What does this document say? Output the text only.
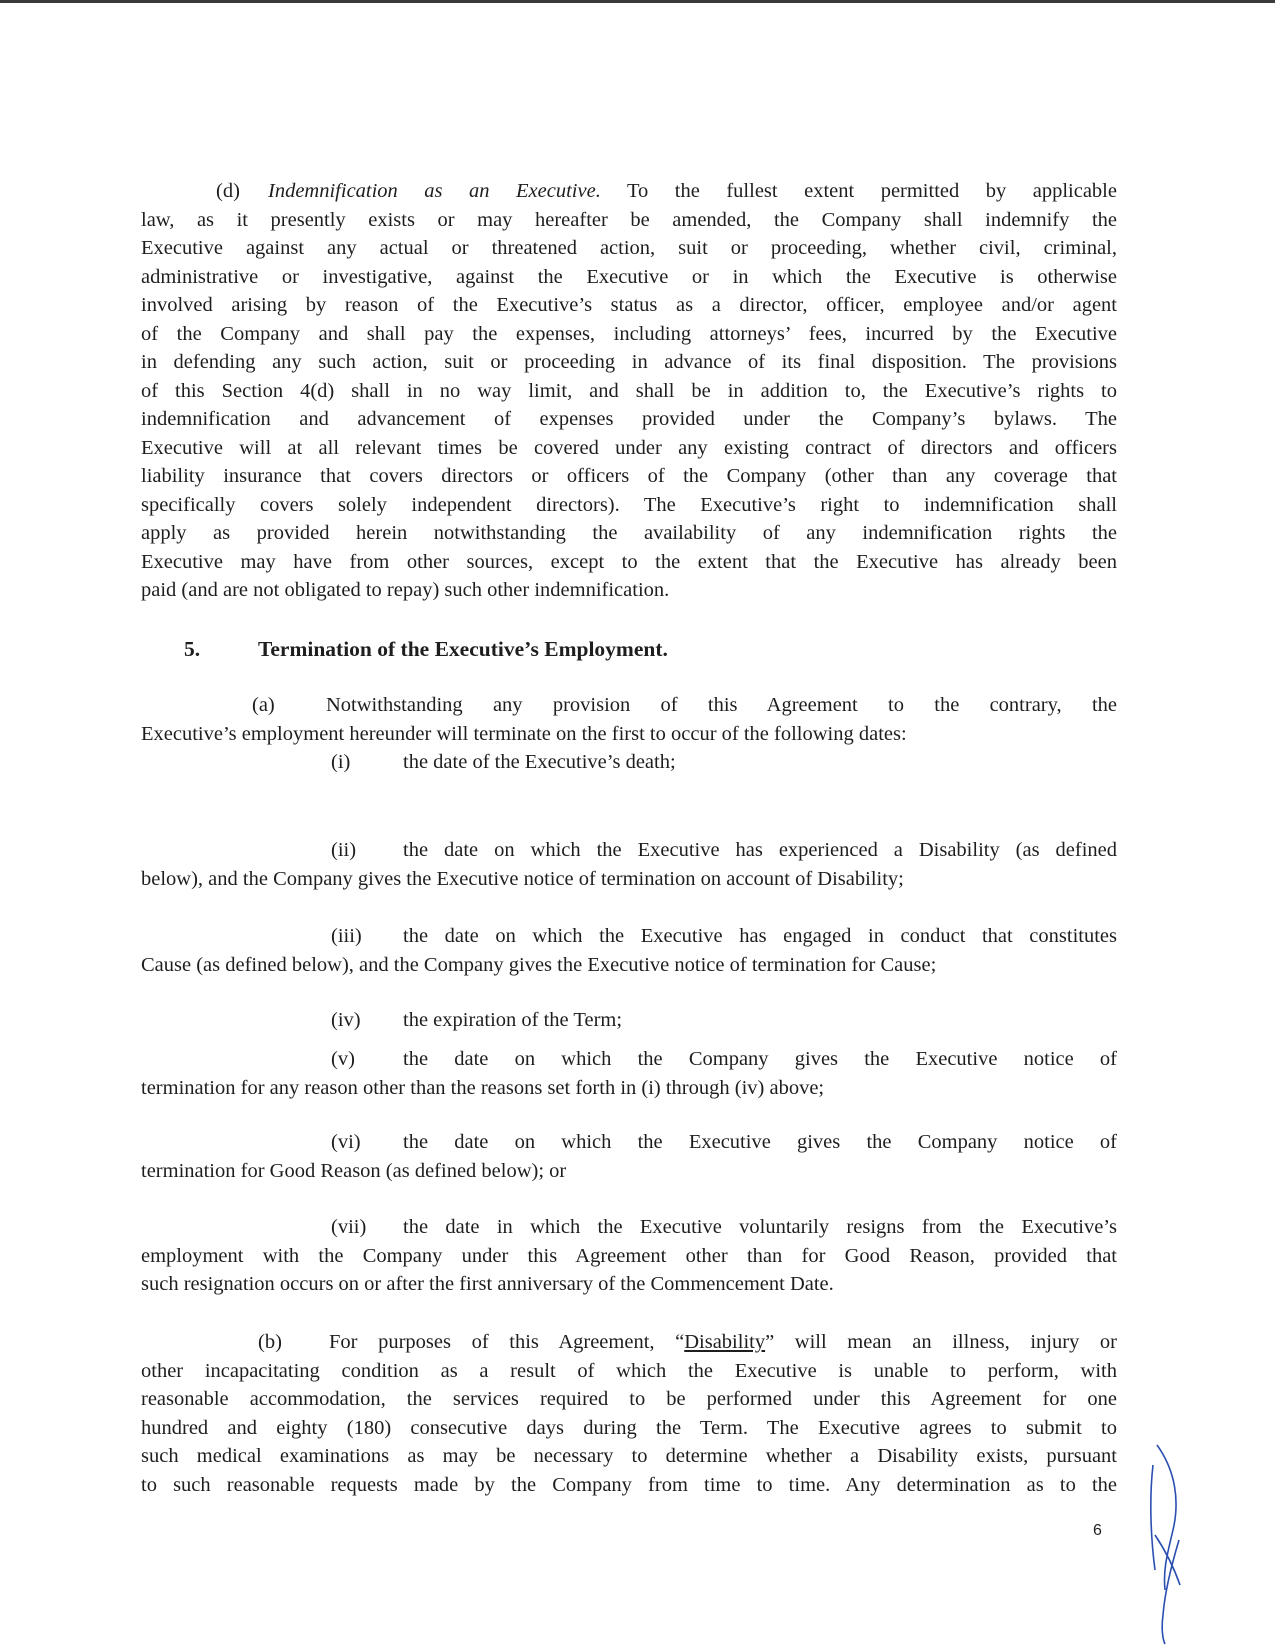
(d) Indemnification as an Executive. To the fullest extent permitted by applicable
law, as it presently exists or may hereafter be amended, the Company shall indemnify the
Executive against any actual or threatened action, suit or proceeding, whether civil, criminal,
administrative or investigative, against the Executive or in which the Executive is otherwise
involved arising by reason of the Executive’s status as a director, officer, employee and/or agent
of the Company and shall pay the expenses, including attorneys’ fees, incurred by the Executive
in defending any such action, suit or proceeding in advance of its final disposition. The provisions
of this Section 4(d) shall in no way limit, and shall be in addition to, the Executive’s rights to
indemnification and advancement of expenses provided under the Company’s bylaws. The
Executive will at all relevant times be covered under any existing contract of directors and officers
liability insurance that covers directors or officers of the Company (other than any coverage that
specifically covers solely independent directors). The Executive’s right to indemnification shall
apply as provided herein notwithstanding the availability of any indemnification rights the
Executive may have from other sources, except to the extent that the Executive has already been
paid (and are not obligated to repay) such other indemnification.
5.	Termination of the Executive’s Employment.
(a) Notwithstanding any provision of this Agreement to the contrary, the
Executive’s employment hereunder will terminate on the first to occur of the following dates:
(i)	the date of the Executive’s death;
(ii) the date on which the Executive has experienced a Disability (as defined
below), and the Company gives the Executive notice of termination on account of Disability;
(iii) the date on which the Executive has engaged in conduct that constitutes
Cause (as defined below), and the Company gives the Executive notice of termination for Cause;
(iv) the expiration of the Term;
(v) the date on which the Company gives the Executive notice of
termination for any reason other than the reasons set forth in (i) through (iv) above;
(vi) the date on which the Executive gives the Company notice of
termination for Good Reason (as defined below); or
(vii) the date in which the Executive voluntarily resigns from the Executive’s
employment with the Company under this Agreement other than for Good Reason, provided that
such resignation occurs on or after the first anniversary of the Commencement Date.
(b) For purposes of this Agreement, “Disability” will mean an illness, injury or
other incapacitating condition as a result of which the Executive is unable to perform, with
reasonable accommodation, the services required to be performed under this Agreement for one
hundred and eighty (180) consecutive days during the Term. The Executive agrees to submit to
such medical examinations as may be necessary to determine whether a Disability exists, pursuant
to such reasonable requests made by the Company from time to time. Any determination as to the
6
